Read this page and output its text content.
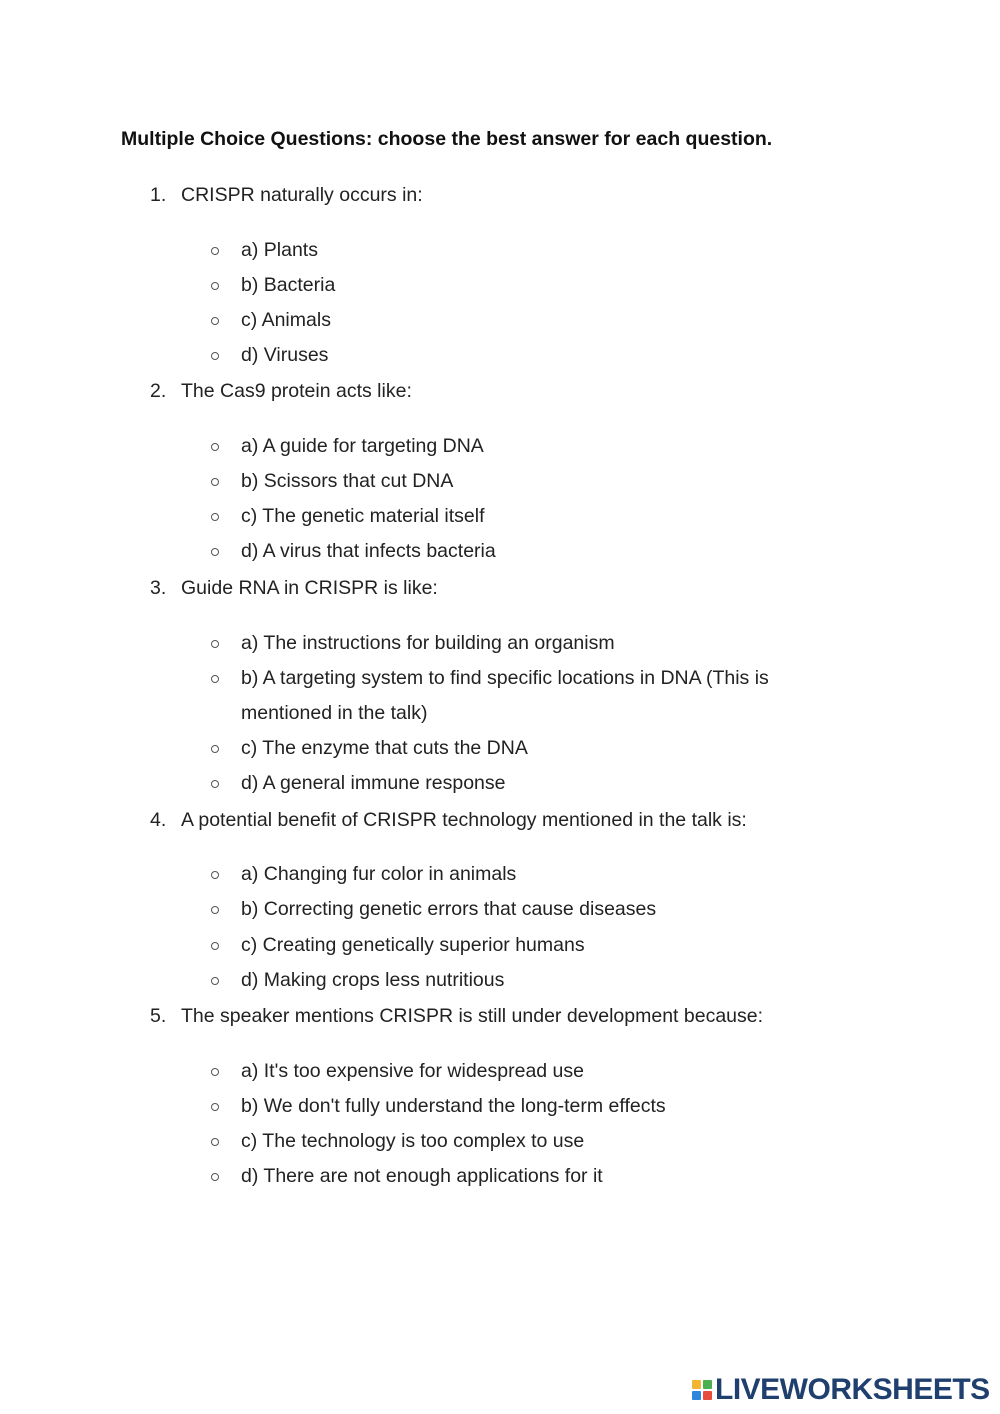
Multiple Choice Questions: choose the best answer for each question.
1. CRISPR naturally occurs in:
a) Plants
b) Bacteria
c) Animals
d) Viruses
2. The Cas9 protein acts like:
a) A guide for targeting DNA
b) Scissors that cut DNA
c) The genetic material itself
d) A virus that infects bacteria
3. Guide RNA in CRISPR is like:
a) The instructions for building an organism
b) A targeting system to find specific locations in DNA (This is mentioned in the talk)
c) The enzyme that cuts the DNA
d) A general immune response
4. A potential benefit of CRISPR technology mentioned in the talk is:
a) Changing fur color in animals
b) Correcting genetic errors that cause diseases
c) Creating genetically superior humans
d) Making crops less nutritious
5. The speaker mentions CRISPR is still under development because:
a) It's too expensive for widespread use
b) We don't fully understand the long-term effects
c) The technology is too complex to use
d) There are not enough applications for it
LIVEWORKSHEETS
